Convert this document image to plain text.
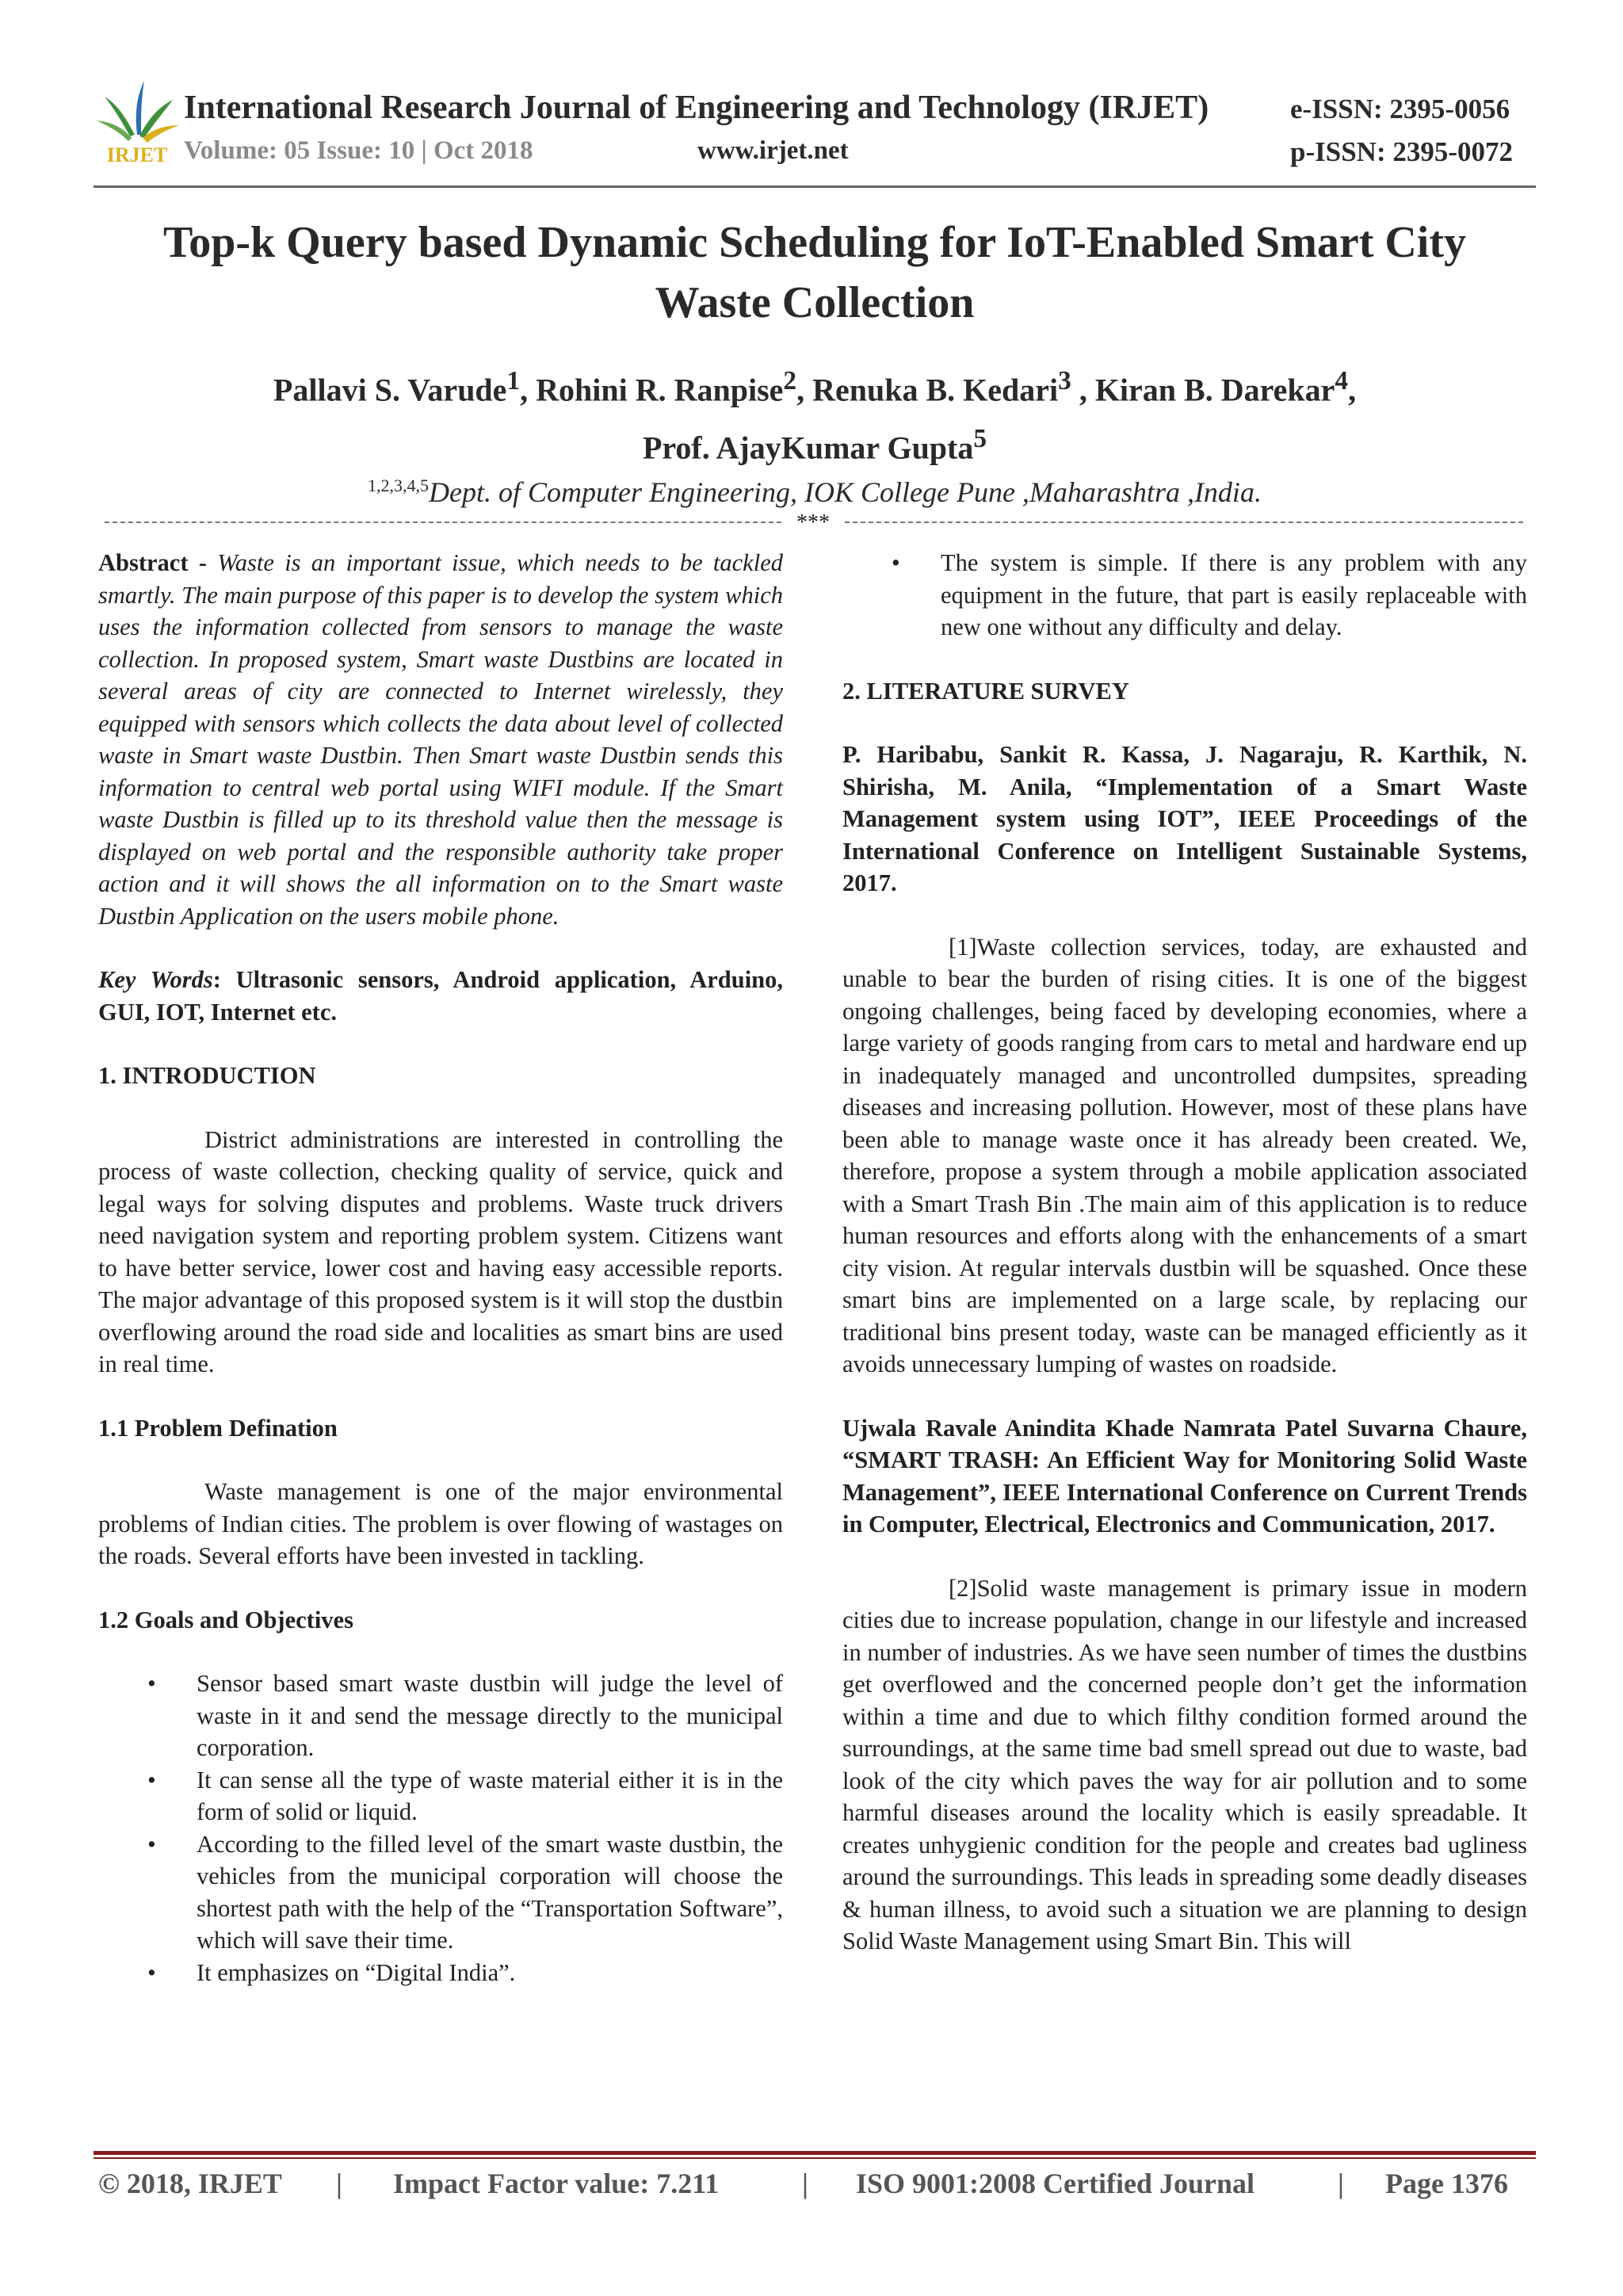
IRJET
International Research Journal of Engineering and Technology (IRJET)
Volume: 05 Issue: 10 | Oct 2018	www.irjet.net
e-ISSN: 2395-0056
p-ISSN: 2395-0072
Top-k Query based Dynamic Scheduling for IoT-Enabled Smart City
Waste Collection
Pallavi S. Varude$^1$, Rohini R. Ranpise$^2$, Renuka B. Kedari$^3$ , Kiran B. Darekar$^4$,
Prof. AjayKumar Gupta$^5$
$^{1,2,3,4,5}$Dept. of Computer Engineering, IOK College Pune ,Maharashtra ,India.
***

Abstract - Waste is an important issue, which needs to be tackled smartly. The main purpose of this paper is to develop the system which uses the information collected from sensors to manage the waste collection. In proposed system, Smart waste Dustbins are located in several areas of city are connected to Internet wirelessly, they equipped with sensors which collects the data about level of collected waste in Smart waste Dustbin. Then Smart waste Dustbin sends this information to central web portal using WIFI module. If the Smart waste Dustbin is filled up to its threshold value then the message is displayed on web portal and the responsible authority take proper action and it will shows the all information on to the Smart waste Dustbin Application on the users mobile phone.

Key Words: Ultrasonic sensors, Android application, Arduino, GUI, IOT, Internet etc.

1. INTRODUCTION

District administrations are interested in controlling the process of waste collection, checking quality of service, quick and legal ways for solving disputes and problems. Waste truck drivers need navigation system and reporting problem system. Citizens want to have better service, lower cost and having easy accessible reports. The major advantage of this proposed system is it will stop the dustbin overflowing around the road side and localities as smart bins are used in real time.

1.1 Problem Defination

Waste management is one of the major environmental problems of Indian cities. The problem is over flowing of wastages on the roads. Several efforts have been invested in tackling.

1.2 Goals and Objectives

• Sensor based smart waste dustbin will judge the level of waste in it and send the message directly to the municipal corporation.
• It can sense all the type of waste material either it is in the form of solid or liquid.
• According to the filled level of the smart waste dustbin, the vehicles from the municipal corporation will choose the shortest path with the help of the “Transportation Software”, which will save their time.
• It emphasizes on “Digital India”.
• The system is simple. If there is any problem with any equipment in the future, that part is easily replaceable with new one without any difficulty and delay.

2. LITERATURE SURVEY

P. Haribabu, Sankit R. Kassa, J. Nagaraju, R. Karthik, N. Shirisha, M. Anila, “Implementation of a Smart Waste Management system using IOT”, IEEE Proceedings of the International Conference on Intelligent Sustainable Systems, 2017.

[1]Waste collection services, today, are exhausted and unable to bear the burden of rising cities. It is one of the biggest ongoing challenges, being faced by developing economies, where a large variety of goods ranging from cars to metal and hardware end up in inadequately managed and uncontrolled dumpsites, spreading diseases and increasing pollution. However, most of these plans have been able to manage waste once it has already been created. We, therefore, propose a system through a mobile application associated with a Smart Trash Bin .The main aim of this application is to reduce human resources and efforts along with the enhancements of a smart city vision. At regular intervals dustbin will be squashed. Once these smart bins are implemented on a large scale, by replacing our traditional bins present today, waste can be managed efficiently as it avoids unnecessary lumping of wastes on roadside.

Ujwala Ravale Anindita Khade Namrata Patel Suvarna Chaure, “SMART TRASH: An Efficient Way for Monitoring Solid Waste Management”, IEEE International Conference on Current Trends in Computer, Electrical, Electronics and Communication, 2017.

[2]Solid waste management is primary issue in modern cities due to increase population, change in our lifestyle and increased in number of industries. As we have seen number of times the dustbins get overflowed and the concerned people don’t get the information within a time and due to which filthy condition formed around the surroundings, at the same time bad smell spread out due to waste, bad look of the city which paves the way for air pollution and to some harmful diseases around the locality which is easily spreadable. It creates unhygienic condition for the people and creates bad ugliness around the surroundings. This leads in spreading some deadly diseases & human illness, to avoid such a situation we are planning to design Solid Waste Management using Smart Bin. This will

© 2018, IRJET | Impact Factor value: 7.211	| ISO 9001:2008 Certified Journal	| Page 1376
